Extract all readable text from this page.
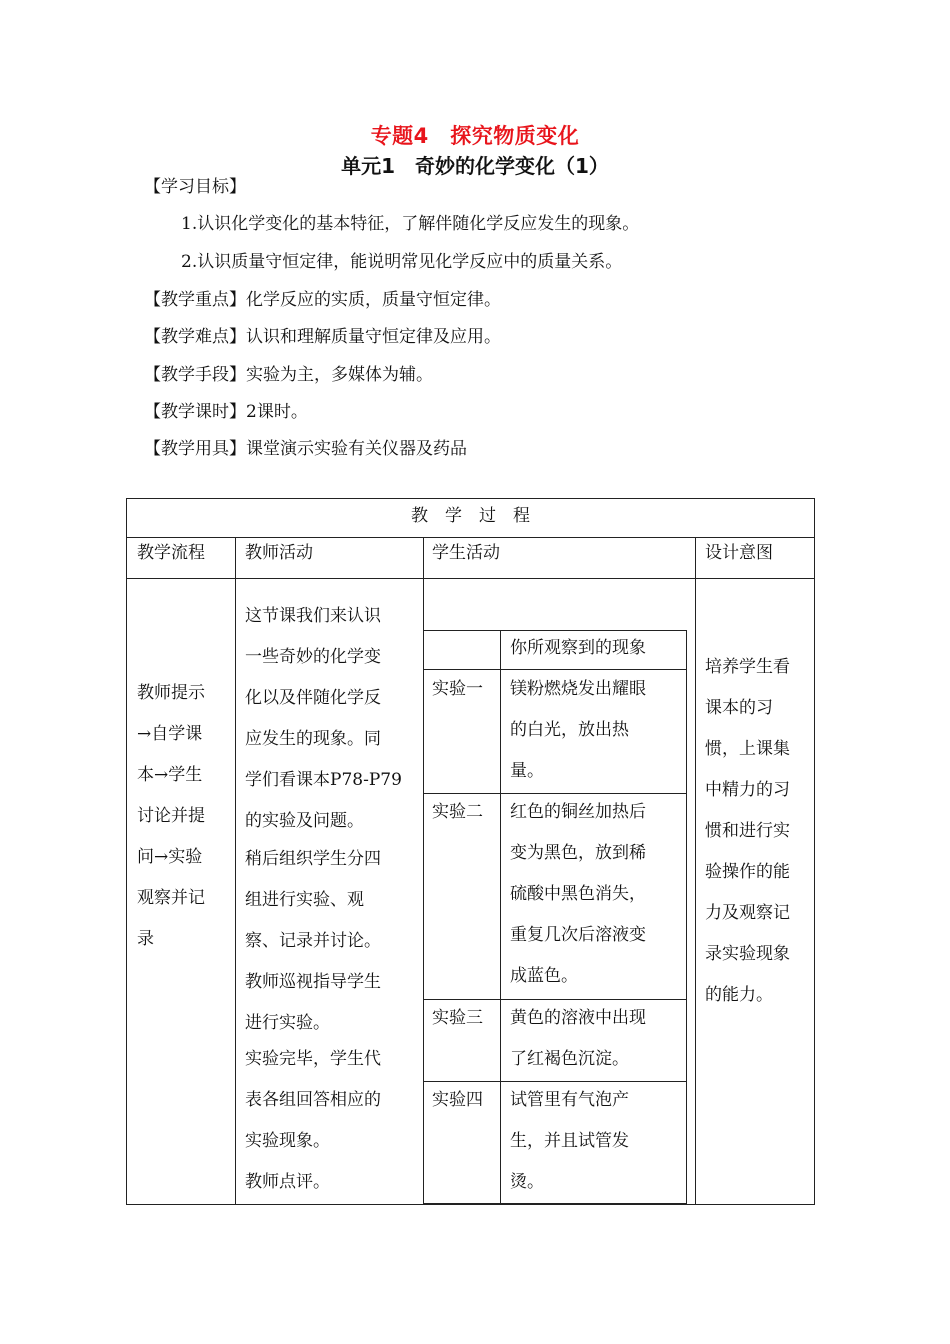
专题4　探究物质变化
单元1　奇妙的化学变化（1）
【学习目标】
1.认识化学变化的基本特征，了解伴随化学反应发生的现象。
2.认识质量守恒定律，能说明常见化学反应中的质量关系。
【教学重点】化学反应的实质，质量守恒定律。
【教学难点】认识和理解质量守恒定律及应用。
【教学手段】实验为主，多媒体为辅。
【教学课时】2课时。
【教学用具】课堂演示实验有关仪器及药品
教　学　过　程
教学流程 教师活动	学生活动	设计意图
教师提示
→自学课
本→学生
讨论并提
问→实验
观察并记
录
这节课我们来认识
一些奇妙的化学变
化以及伴随化学反
应发生的现象。同
学们看课本P78-P79
的实验及问题。
稍后组织学生分四
组进行实验、观
察、记录并讨论。
教师巡视指导学生
进行实验。
实验完毕，学生代
表各组回答相应的
实验现象。
教师点评。
培养学生看
课本的习
惯，上课集
中精力的习
惯和进行实
验操作的能
力及观察记
录实验现象
的能力。
你所观察到的现象
实验一 镁粉燃烧发出耀眼
的白光，放出热
量。
实验二 红色的铜丝加热后
变为黑色，放到稀
硫酸中黑色消失，
重复几次后溶液变
成蓝色。
实验三 黄色的溶液中出现
了红褐色沉淀。
实验四 试管里有气泡产
生，并且试管发
烫。
